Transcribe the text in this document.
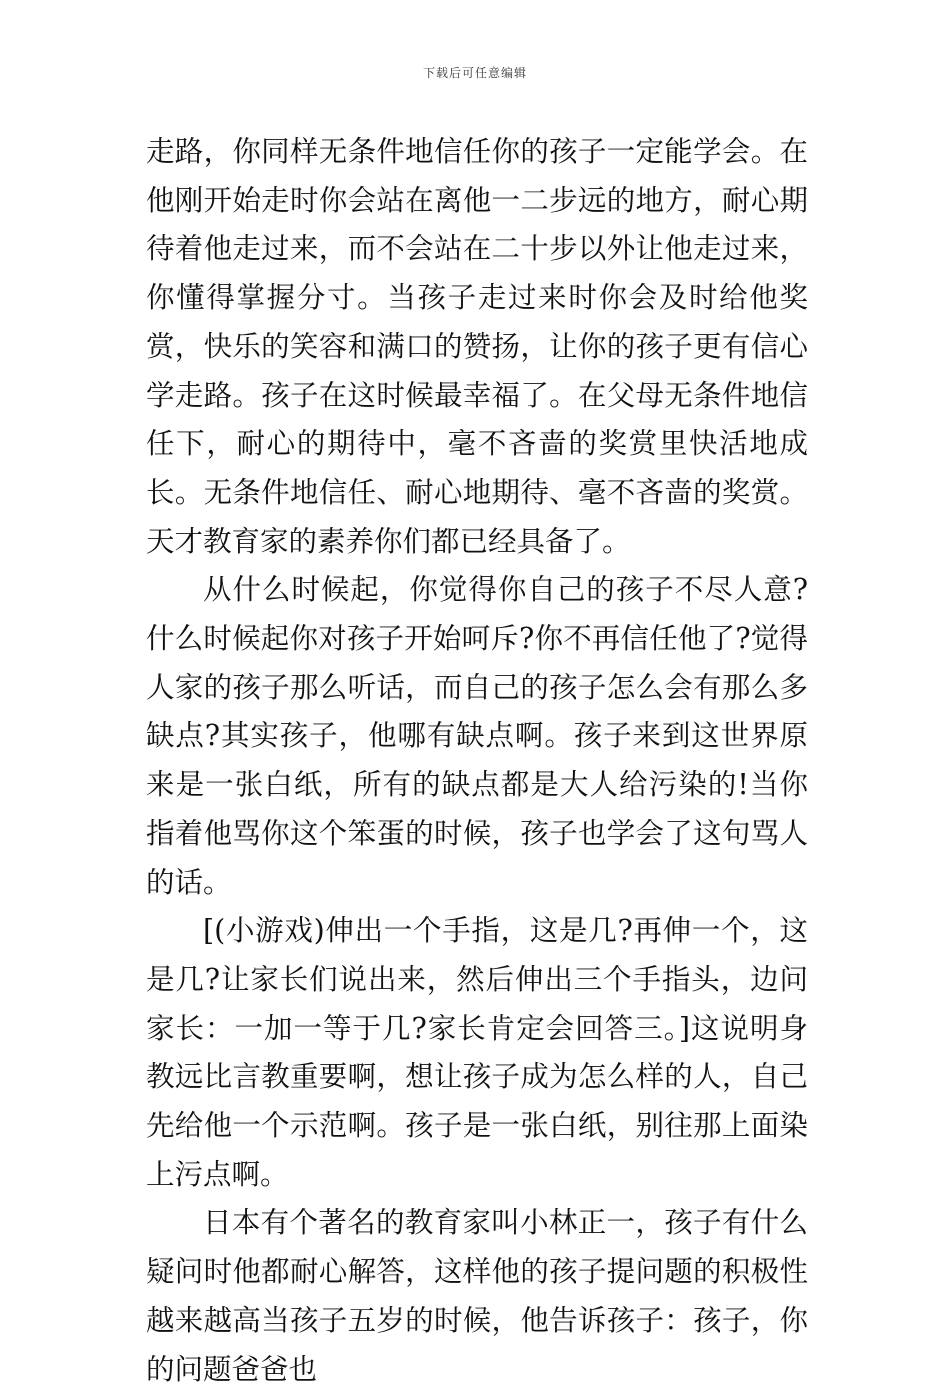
下载后可任意编辑

走路，你同样无条件地信任你的孩子一定能学会。在他刚开始走时你会站在离他一二步远的地方，耐心期待着他走过来，而不会站在二十步以外让他走过来，你懂得掌握分寸。当孩子走过来时你会及时给他奖赏，快乐的笑容和满口的赞扬，让你的孩子更有信心学走路。孩子在这时候最幸福了。在父母无条件地信任下，耐心的期待中，毫不吝啬的奖赏里快活地成长。无条件地信任、耐心地期待、毫不吝啬的奖赏。天才教育家的素养你们都已经具备了。

从什么时候起，你觉得你自己的孩子不尽人意?什么时候起你对孩子开始呵斥?你不再信任他了?觉得人家的孩子那么听话，而自己的孩子怎么会有那么多缺点?其实孩子，他哪有缺点啊。孩子来到这世界原来是一张白纸，所有的缺点都是大人给污染的!当你指着他骂你这个笨蛋的时候，孩子也学会了这句骂人的话。

[(小游戏)伸出一个手指，这是几?再伸一个，这是几?让家长们说出来，然后伸出三个手指头，边问家长：一加一等于几?家长肯定会回答三。]这说明身教远比言教重要啊，想让孩子成为怎么样的人，自己先给他一个示范啊。孩子是一张白纸，别往那上面染上污点啊。

日本有个著名的教育家叫小林正一，孩子有什么疑问时他都耐心解答，这样他的孩子提问题的积极性越来越高当孩子五岁的时候，他告诉孩子：孩子，你的问题爸爸也
